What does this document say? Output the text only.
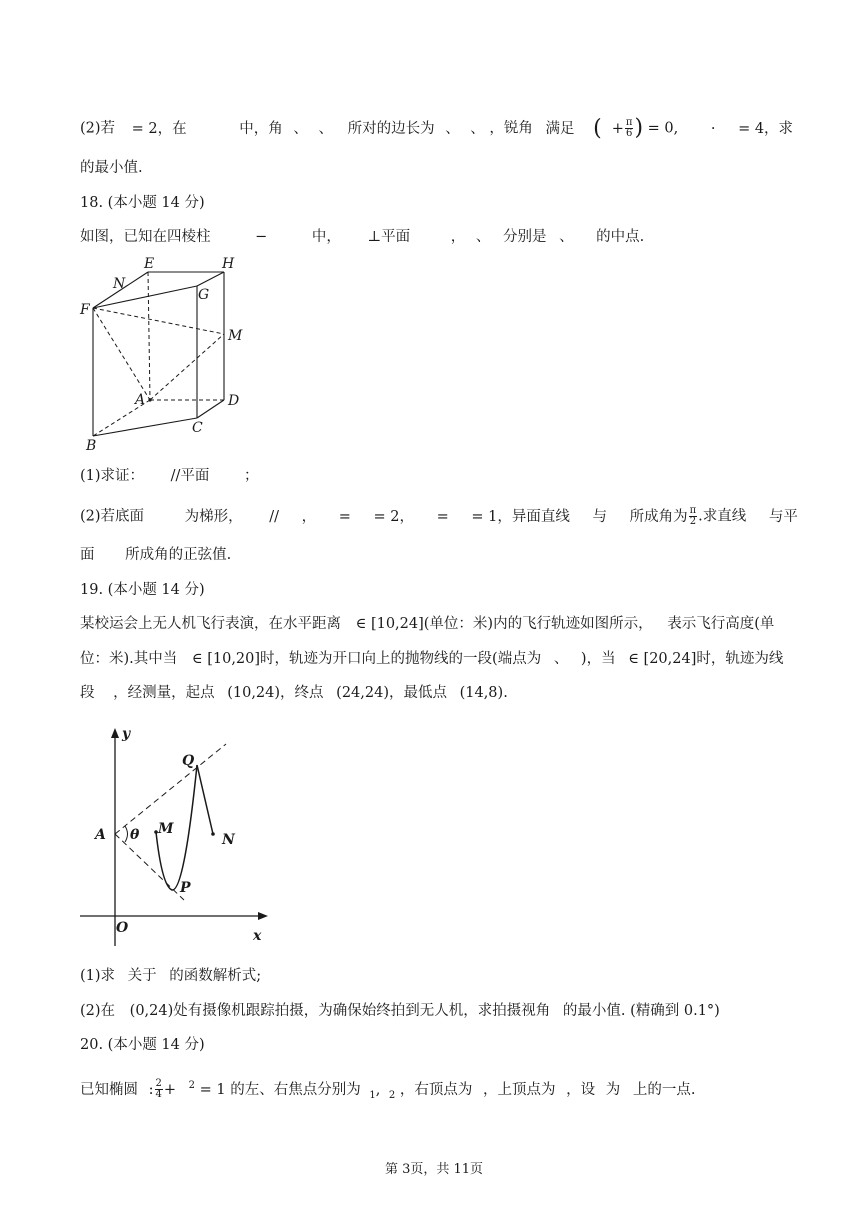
(2)若 = 2，在	中，角 、 、 所对的边长为 、 、 ，锐角 满足 ( + $\frac{\pi}{6}$ ) = 0, · = 4，求
的最小值.
18. (本小题 14 分)
如图，已知在四棱柱	−	中， ⊥平面	， 、 分别是 、 的中点.
E	H
N
G
F
M
A	D
C
B
(1)求证： //平面 ；
(2)若底面	为梯形， // ， = = 2， = = 1，异面直线 与 所成角为 $\frac{\pi}{2}$ .求直线 与平
面 所成角的正弦值.
19. (本小题 14 分)
某校运会上无人机飞行表演，在水平距离 ∈ [10,24](单位：米)内的飞行轨迹如图所示， 表示飞行高度(单
位：米).其中当 ∈ [10,20]时，轨迹为开口向上的抛物线的一段(端点为 、 )，当 ∈ [20,24]时，轨迹为线
段 ，经测量，起点 (10,24)，终点 (24,24)，最低点 (14,8).
y
Q
A θ M
N
P
O	x
(1)求 关于 的函数解析式;
(2)在 (0,24)处有摄像机跟踪拍摄，为确保始终拍到无人机，求拍摄视角 的最小值. (精确到 0.1°)
20. (本小题 14 分)
已知椭圆 : $\frac{2}{4} + ^2 = 1$ 的左、右焦点分别为 $_1$, $_2$ ，右顶点为 ，上顶点为 ，设 为 上的一点.
第 3页，共 11页
